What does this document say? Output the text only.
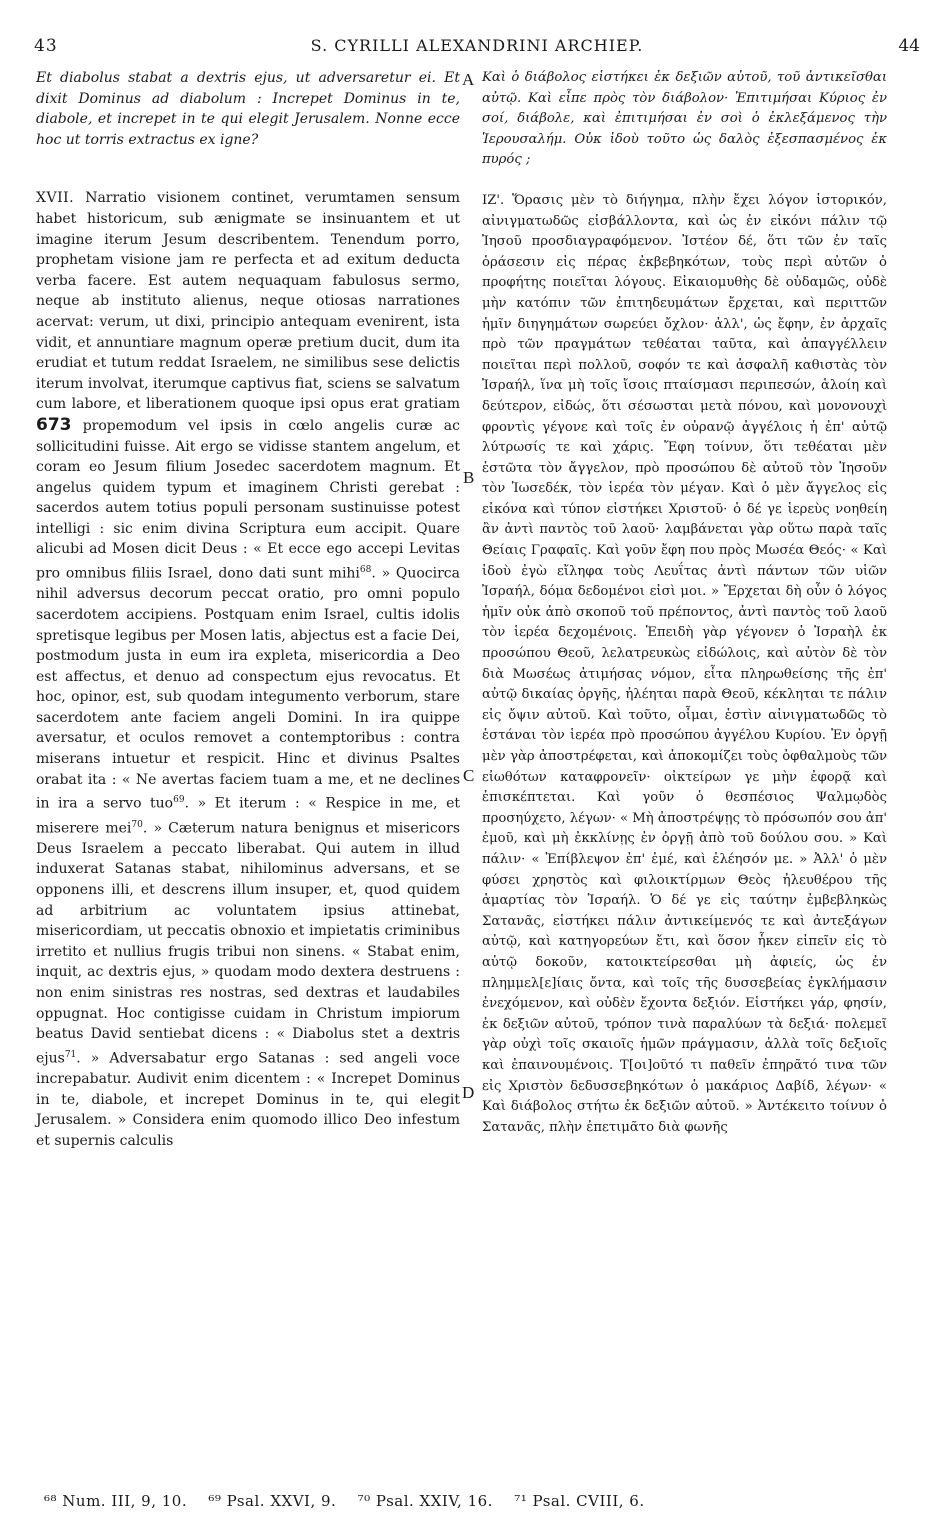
43	S. CYRILLI ALEXANDRINI ARCHIEP.	44

Et diabolus stabat a dextris ejus, ut adversaretur ei. Et dixit Dominus ad diabolum : Increpet Dominus in te, diabole, et increpet in te qui elegit Jerusalem. Nonne ecce hoc ut torris extractus ex igne?

XVII. Narratio visionem continet, verumtamen sensum habet historicum, sub ænigmate se insinuantem et ut imagine iterum Jesum describentem. Tenendum porro, prophetam visione jam re perfecta et ad exitum deducta verba facere. Est autem nequaquam fabulosus sermo, neque ab instituto alienus, neque otiosas narrationes acervat: verum, ut dixi, principio antequam evenirent, ista vidit, et annuntiare magnum operæ pretium ducit, dum ita erudiat et tutum reddat Israelem, ne similibus sese delictis iterum involvat, iterumque captivus fiat, sciens se salvatum cum labore, et liberationem quoque ipsi opus erat gratiam 673 propemodum vel ipsis in cœlo angelis curæ ac sollicitudini fuisse. Ait ergo se vidisse stantem angelum, et coram eo Jesum filium Josedec sacerdotem magnum. Et angelus quidem typum et imaginem Christi gerebat : sacerdos autem totius populi personam sustinuisse potest intelligi : sic enim divina Scriptura eum accipit. Quare alicubi ad Mosen dicit Deus : « Et ecce ego accepi Levitas pro omnibus filiis Israel, dono dati sunt mihi$^{68}$. » Quocirca nihil adversus decorum peccat oratio, pro omni populo sacerdotem accipiens. Postquam enim Israel, cultis idolis spretisque legibus per Mosen latis, abjectus est a facie Dei, postmodum justa in eum ira expleta, misericordia a Deo est affectus, et denuo ad conspectum ejus revocatus. Et hoc, opinor, est, sub quodam integumento verborum, stare sacerdotem ante faciem angeli Domini. In ira quippe aversatur, et oculos removet a contemptoribus : contra miserans intuetur et respicit. Hinc et divinus Psaltes orabat ita : « Ne avertas faciem tuam a me, et ne declines in ira a servo tuo$^{69}$. » Et iterum : « Respice in me, et miserere mei$^{70}$. » Cæterum natura benignus et misericors Deus Israelem a peccato liberabat. Qui autem in illud induxerat Satanas stabat, nihilominus adversans, et se opponens illi, et descrens illum insuper, et, quod quidem ad arbitrium ac voluntatem ipsius attinebat, misericordiam, ut peccatis obnoxio et impietatis criminibus irretito et nullius frugis tribui non sinens. « Stabat enim, inquit, ac dextris ejus, » quodam modo dextera destruens : non enim sinistras res nostras, sed dextras et laudabiles oppugnat. Hoc contigisse cuidam in Christum impiorum beatus David sentiebat dicens : « Diabolus stet a dextris ejus$^{71}$. » Adversabatur ergo Satanas : sed angeli voce increpabatur. Audivit enim dicentem : « Increpet Dominus in te, diabole, et increpet Dominus in te, qui elegit Jerusalem. » Considera enim quomodo illico Deo infestum et supernis calculis

A
B
C
D

Καὶ ὁ διάβολος εἱστήκει ἐκ δεξιῶν αὐτοῦ, τοῦ ἀντικεῖσθαι αὐτῷ. Καὶ εἶπε πρὸς τὸν διάβολον· Ἐπιτιμήσαι Κύριος ἐν σοί, διάβολε, καὶ ἐπιτιμήσαι ἐν σοὶ ὁ ἐκλεξάμενος τὴν Ἱερουσαλήμ. Οὐκ ἰδοὺ τοῦτο ὡς δαλὸς ἐξεσπασμένος ἐκ πυρός ;

ΙΖ'. Ὅρασις μὲν τὸ διήγημα, πλὴν ἔχει λόγον ἱστορικόν, αἰνιγματωδῶς εἰσβάλλοντα, καὶ ὡς ἐν εἰκόνι πάλιν τῷ Ἰησοῦ προσδιαγραφόμενον. Ἰστέον δέ, ὅτι τῶν ἐν ταῖς ὁράσεσιν εἰς πέρας ἐκβεβηκότων, τοὺς περὶ αὐτῶν ὁ προφήτης ποιεῖται λόγους. Εἰκαιομυθὴς δὲ οὐδαμῶς, οὐδὲ μὴν κατόπιν τῶν ἐπιτηδευμάτων ἔρχεται, καὶ περιττῶν ἡμῖν διηγημάτων σωρεύει ὄχλον· ἀλλ', ὡς ἔφην, ἐν ἀρχαῖς πρὸ τῶν πραγμάτων τεθέαται ταῦτα, καὶ ἀπαγγέλλειν ποιεῖται περὶ πολλοῦ, σοφόν τε καὶ ἀσφαλῆ καθιστὰς τὸν Ἰσραήλ, ἵνα μὴ τοῖς ἴσοις πταίσμασι περιπεσών, ἁλοίη καὶ δεύτερον, εἰδώς, ὅτι σέσωσται μετὰ πόνου, καὶ μονονουχὶ φροντὶς γέγονε καὶ τοῖς ἐν οὐρανῷ ἀγγέλοις ἡ ἐπ' αὐτῷ λύτρωσίς τε καὶ χάρις. Ἔφη τοίνυν, ὅτι τεθέαται μὲν ἑστῶτα τὸν ἄγγελον, πρὸ προσώπου δὲ αὐτοῦ τὸν Ἰησοῦν τὸν Ἰωσεδέκ, τὸν ἱερέα τὸν μέγαν. Καὶ ὁ μὲν ἄγγελος εἰς εἰκόνα καὶ τύπον εἱστήκει Χριστοῦ· ὁ δέ γε ἱερεὺς νοηθείη ἂν ἀντὶ παντὸς τοῦ λαοῦ· λαμβάνεται γὰρ οὕτω παρὰ ταῖς Θείαις Γραφαῖς. Καὶ γοῦν ἔφη που πρὸς Μωσέα Θεός· « Καὶ ἰδοὺ ἐγὼ εἴληφα τοὺς Λευΐτας ἀντὶ πάντων τῶν υἱῶν Ἰσραήλ, δόμα δεδομένοι εἰσὶ μοι. » Ἔρχεται δὴ οὖν ὁ λόγος ἡμῖν οὐκ ἀπὸ σκοποῦ τοῦ πρέποντος, ἀντὶ παντὸς τοῦ λαοῦ τὸν ἱερέα δεχομένοις. Ἐπειδὴ γὰρ γέγονεν ὁ Ἰσραὴλ ἐκ προσώπου Θεοῦ, λελατρευκὼς εἰδώλοις, καὶ αὐτὸν δὲ τὸν διὰ Μωσέως ἀτιμήσας νόμον, εἶτα πληρωθείσης τῆς ἐπ' αὐτῷ δικαίας ὀργῆς, ἠλέηται παρὰ Θεοῦ, κέκληται τε πάλιν εἰς ὄψιν αὐτοῦ. Καὶ τοῦτο, οἶμαι, ἐστὶν αἰνιγματωδῶς τὸ ἑστάναι τὸν ἱερέα πρὸ προσώπου ἀγγέλου Κυρίου. Ἐν ὀργῇ μὲν γὰρ ἀποστρέφεται, καὶ ἀποκομίζει τοὺς ὀφθαλμοὺς τῶν εἰωθότων καταφρονεῖν· οἰκτείρων γε μὴν ἐφορᾷ καὶ ἐπισκέπτεται. Καὶ γοῦν ὁ θεσπέσιος Ψαλμῳδὸς προσηύχετο, λέγων· « Μὴ ἀποστρέψῃς τὸ πρόσωπόν σου ἀπ' ἐμοῦ, καὶ μὴ ἐκκλίνῃς ἐν ὀργῇ ἀπὸ τοῦ δούλου σου. » Καὶ πάλιν· « Ἐπίβλεψον ἐπ' ἐμέ, καὶ ἐλέησόν με. » Ἀλλ' ὁ μὲν φύσει χρηστὸς καὶ φιλοικτίρμων Θεὸς ἠλευθέρου τῆς ἁμαρτίας τὸν Ἰσραήλ. Ὁ δέ γε εἰς ταύτην ἐμβεβληκὼς Σατανᾶς, εἱστήκει πάλιν ἀντικείμενός τε καὶ ἀντεξάγων αὐτῷ, καὶ κατηγορεύων ἔτι, καὶ ὅσον ἧκεν εἰπεῖν εἰς τὸ αὐτῷ δοκοῦν, κατοικτείρεσθαι μὴ ἀφιείς, ὡς ἐν πλημμελ[ε]ίαις ὄντα, καὶ τοῖς τῆς δυσσεβείας ἐγκλήμασιν ἐνεχόμενον, καὶ οὐδὲν ἔχοντα δεξιόν. Εἱστήκει γάρ, φησίν, ἐκ δεξιῶν αὐτοῦ, τρόπον τινὰ παραλύων τὰ δεξιά· πολεμεῖ γὰρ οὐχὶ τοῖς σκαιοῖς ἡμῶν πράγμασιν, ἀλλὰ τοῖς δεξιοῖς καὶ ἐπαινουμένοις. Τ[οι]οῦτό τι παθεῖν ἐπηρᾶτό τινα τῶν εἰς Χριστὸν δεδυσσεβηκότων ὁ μακάριος Δαβίδ, λέγων· « Καὶ διάβολος στήτω ἐκ δεξιῶν αὐτοῦ. » Ἀντέκειτο τοίνυν ὁ Σατανᾶς, πλὴν ἐπετιμᾶτο διὰ φωνῆς

⁶⁸ Num. III, 9, 10. ⁶⁹ Psal. XXVI, 9. ⁷⁰ Psal. XXIV, 16. ⁷¹ Psal. CVIII, 6.
